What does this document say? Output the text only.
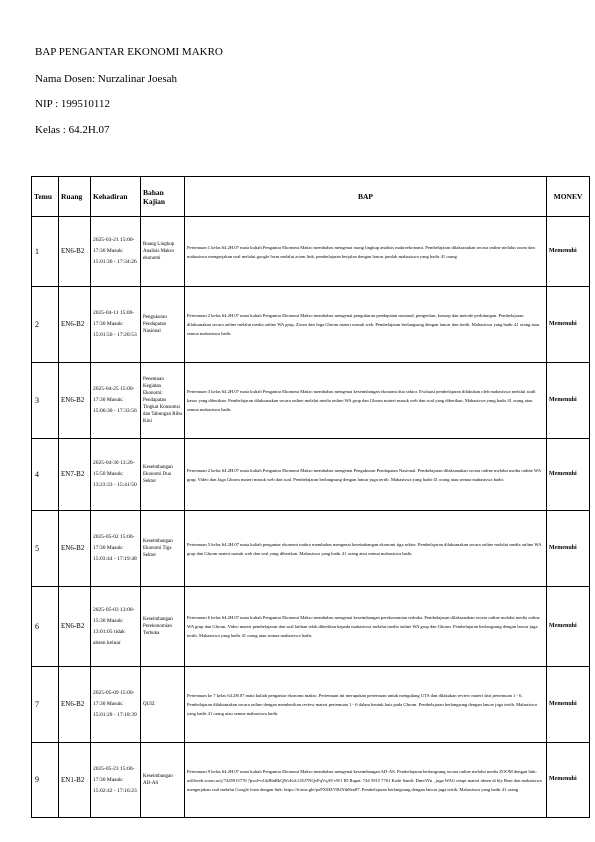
BAP PENGANTAR EKONOMI MAKRO
Nama Dosen: Nurzalinar Joesah
NIP : 199510112
Kelas : 64.2H.07
Temu	Ruang	Kehadiran	Bahan Kajian	BAP	MONEV
1	EN6-B2	2025-03-21 15:00-17:30 Masuk: 15:01:36 - 17:34:26	Ruang Lingkup Analisis Makro ekonomi	Pertemuan 1 kelas 64.2H.07 mata kuliah Pengantar Ekonomi Makro membahas mengenai ruang lingkup analisis makroekonomi. Pembelajaran dilaksanakan secara online melalui zoom dan mahasiswa mengerjakan soal melalui google form melalui zoom link, pembelajaran berjalan dengan lancar jumlah mahasiswa yang hadir 41 orang	Memenuhi
2	EN6-B2	2025-04-11 15:00-17:30 Masuk: 15:01:50 - 17:20:53	Pengukuran Pendapatan Nasional	Pertemuan 2 kelas 64.2H.07 mata kuliah Pengantar Ekonomi Makro membahas mengenai pengukuran pendapatan nasional, pengertian, konsep dan metode perhitungan. Pembelajaran dilaksanakan secara online melalui media online WA grup, Zoom dan Jaga Ghrom materi masuk web. Pembelajaran berlangsung dengan lancar dan tertib. Mahasiswa yang hadir 41 orang atau semua mahasiswa hadir.	Memenuhi
3	EN6-B2	2025-04-25 15:00-17:30 Masuk: 15:06:30 - 17:33:56	Penentuan Kegiatan Ekonomi: Pendapatan Tingkat Konsumsi dan Tabungan Ribu Kini	Pertemuan 3 kelas 64.2H.07 mata kuliah Pengantar Ekonomi Makro membahas mengenai keseimbangan ekonomi dua sektor. Evaluasi pembelajaran dilakukan oleh mahasiswa melalui studi kasus yang diberikan. Pembelajaran dilaksanakan secara online melalui media online WA grup dan Ghrom materi masuk web dan soal yang diberikan. Mahasiswa yang hadir 41 orang atau semua mahasiswa hadir.	Memenuhi
4	EN7-B2	2025-04-30 13:20-15:50 Masuk: 13:23:33 - 15:41:50	Keseimbangan Ekonomi Dua Sektor	Pertemuan 2 kelas 64.2H.07 mata kuliah Pengantar Ekonomi Makro membahas mengenai Pengukuran Pendapatan Nasional. Pembelajaran dilaksanakan secara online melalui media online WA grup, Video dan Jaga Ghrom materi masuk web dan soal. Pembelajaran berlangsung dengan lancar juga tertib. Mahasiswa yang hadir 41 orang atau semua mahasiswa hadir.	Memenuhi
5	EN6-B2	2025-05-02 15:00-17:30 Masuk: 15:03:44 - 17:19:48	Keseimbangan Ekonomi Tiga Sektor	Pertemuan 5 kelas 64.2H.07 mata kuliah pengantar ekonomi makro membahas mengenai keseimbangan ekonomi tiga sektor. Pembelajaran dilaksanakan secara online melalui media online WA grup dan Ghrom materi masuk web dan soal yang diberikan. Mahasiswa yang hadir 41 orang atau semua mahasiswa hadir.	Memenuhi
6	EN6-B2	2025-05-03 13:00-15:30 Masuk: 13:01:05 tidak absen keluar	Keseimbangan Perekonomian Terbuka	Pertemuan 6 kelas 64.2H.07 mata kuliah Pengantar Ekonomi Makro membahas mengenai keseimbangan perekonomian terbuka. Pembelajaran dilaksanakan secara online melalui media online WA grup dan Ghrom. Video materi pembelajaran dan soal latihan telah diberikan kepada mahasiswa melalui media online WA grup dan Ghrom. Pembelajaran berlangsung dengan lancar juga tertib. Mahasiswa yang hadir 41 orang atau semua mahasiswa hadir.	Memenuhi
7	EN6-B2	2025-05-09 15:00-17:30 Masuk: 15:01:28 - 17:18:39	QUIZ	Pertemuan ke 7 kelas 64.2H.07 mata kuliah pengantar ekonomi makro. Pertemuan ini merupakan pertemuan untuk mengulang UTS dan dilakukan review materi dari pertemuan 1 - 6. Pembelajaran dilaksanakan secara online dengan memberikan review materi pertemuan 1 - 6 dalam bentuk kuis pada Ghrom. Pembelajaran berlangsung dengan lancar juga tertib. Mahasiswa yang hadir 41 orang atau semua mahasiswa hadir.	Memenuhi
9	EN1-B2	2025-05-23 15:00-17:30 Masuk: 15:02:42 - 17:16:23	Keseimbangan AD-AS	Pertemuan 9 kelas 64.2H.07 mata kuliah Pengantar Ekonomi Makro membahas mengenai keseimbangan AD-AS. Pembelajaran berlangsung secara online melalui media ZOOM dengan link: us04web.zoom.us/j/7445915776 ?pwd=oGkBlnRkQWcKsLGEJ7NQvPqVqAVvW1 ID Rapat: 744 5915 7761 Kode Sandi: Dme3Yn , juga WAG tetapi materi absen di bly Bent dan mahasiswa mengerjakan soal melalui Google form dengan link: https://forms.gle/poPXMZVB4Yih8eu87. Pembelajaran berlangsung dengan lancar juga tertib. Mahasiswa yang hadir 41 orang	Memenuhi
